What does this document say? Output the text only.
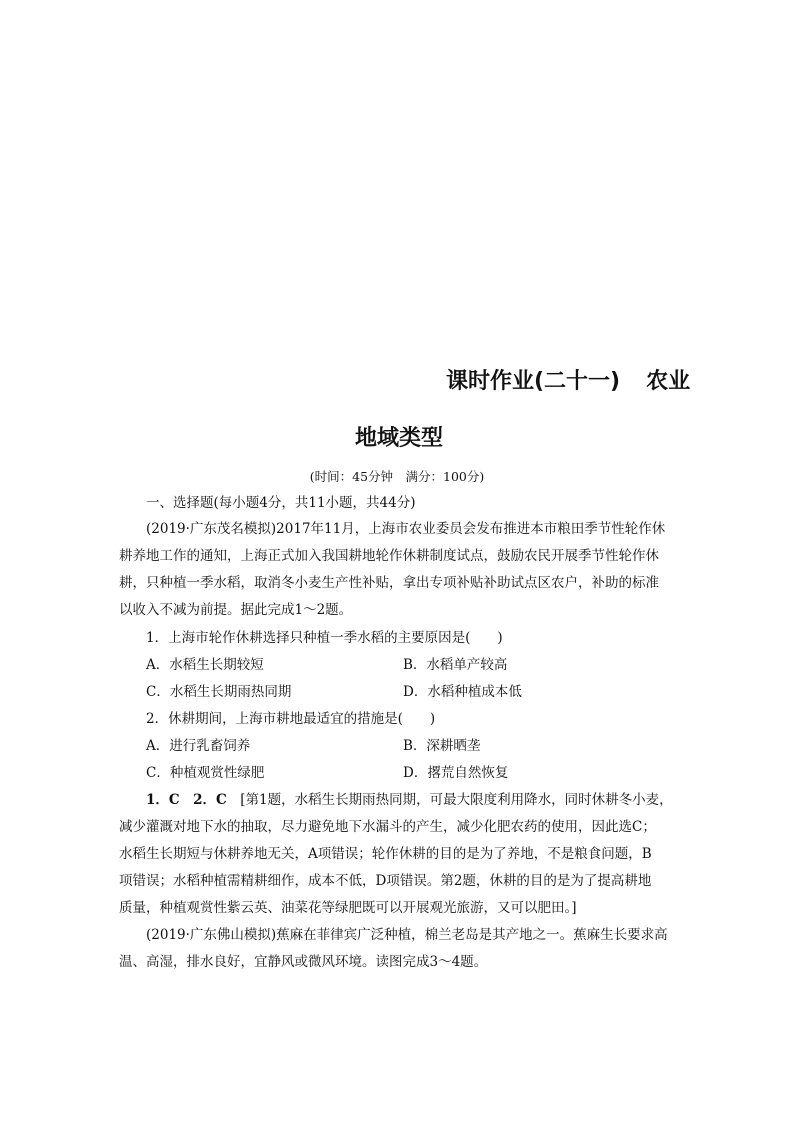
课时作业(二十一) 农业
地域类型
(时间：45分钟　满分：100分)
一、选择题(每小题4分，共11小题，共44分)
(2019·广东茂名模拟)2017年11月，上海市农业委员会发布推进本市粮田季节性轮作休
耕养地工作的通知，上海正式加入我国耕地轮作休耕制度试点，鼓励农民开展季节性轮作休
耕，只种植一季水稻，取消冬小麦生产性补贴，拿出专项补贴补助试点区农户，补助的标准
以收入不减为前提。据此完成1～2题。
1．上海市轮作休耕选择只种植一季水稻的主要原因是(　　)
A．水稻生长期较短	B．水稻单产较高
C．水稻生长期雨热同期	D．水稻种植成本低
2．休耕期间，上海市耕地最适宜的措施是(　　)
A．进行乳畜饲养	B．深耕晒垄
C．种植观赏性绿肥	D．撂荒自然恢复
1．C　2．C　 [第1题，水稻生长期雨热同期，可最大限度利用降水，同时休耕冬小麦，
减少灌溉对地下水的抽取，尽力避免地下水漏斗的产生，减少化肥农药的使用，因此选C；
水稻生长期短与休耕养地无关，A项错误；轮作休耕的目的是为了养地，不是粮食问题，B
项错误；水稻种植需精耕细作，成本不低，D项错误。第2题，休耕的目的是为了提高耕地
质量，种植观赏性紫云英、油菜花等绿肥既可以开展观光旅游，又可以肥田。]
(2019·广东佛山模拟)蕉麻在菲律宾广泛种植，棉兰老岛是其产地之一。蕉麻生长要求高
温、高湿，排水良好，宜静风或微风环境。读图完成3～4题。
